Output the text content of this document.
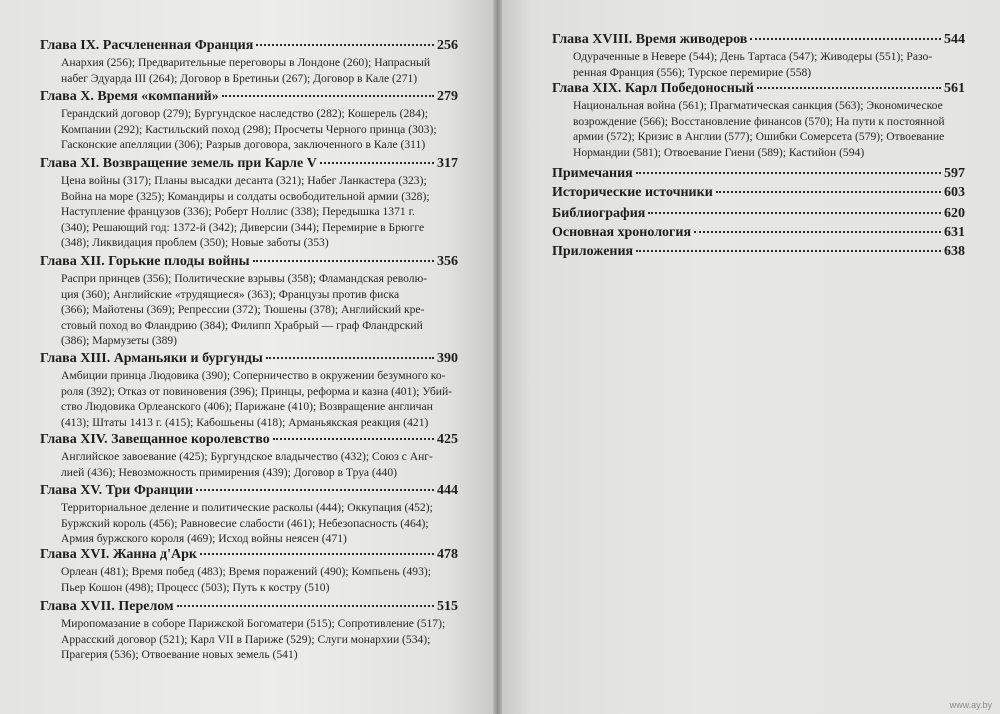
Глава IX. Расчлененная Франция	256
Анархия (256); Предварительные переговоры в Лондоне (260); Напрасный
набег Эдуарда III (264); Договор в Бретиньи (267); Договор в Кале (271)
Глава X. Время «компаний»	279
Герандский договор (279); Бургундское наследство (282); Кошерель (284);
Компании (292); Кастильский поход (298); Просчеты Черного принца (303);
Гасконские апелляции (306); Разрыв договора, заключенного в Кале (311)
Глава XI. Возвращение земель при Карле V	317
Цена войны (317); Планы высадки десанта (321); Набег Ланкастера (323);
Война на море (325); Командиры и солдаты освободительной армии (328);
Наступление французов (336); Роберт Ноллис (338); Передышка 1371 г.
(340); Решающий год: 1372-й (342); Диверсии (344); Перемирие в Брюгге
(348); Ликвидация проблем (350); Новые заботы (353)
Глава XII. Горькие плоды войны	356
Распри принцев (356); Политические взрывы (358); Фламандская револю-
ция (360); Английские «трудящиеся» (363); Французы против фиска
(366); Майотены (369); Репрессии (372); Тюшены (378); Английский кре-
стовый поход во Фландрию (384); Филипп Храбрый — граф Фландрский
(386); Мармузеты (389)
Глава XIII. Арманьяки и бургунды	390
Амбиции принца Людовика (390); Соперничество в окружении безумного ко-
роля (392); Отказ от повиновения (396); Принцы, реформа и казна (401); Убий-
ство Людовика Орлеанского (406); Парижане (410); Возвращение англичан
(413); Штаты 1413 г. (415); Кабошьены (418); Арманьякская реакция (421)
Глава XIV. Завещанное королевство	425
Английское завоевание (425); Бургундское владычество (432); Союз с Анг-
лией (436); Невозможность примирения (439); Договор в Труа (440)
Глава XV. Три Франции	444
Территориальное деление и политические расколы (444); Оккупация (452);
Буржский король (456); Равновесие слабости (461); Небезопасность (464);
Армия буржского короля (469); Исход войны неясен (471)
Глава XVI. Жанна д'Арк	478
Орлеан (481); Время побед (483); Время поражений (490); Компьень (493);
Пьер Кошон (498); Процесс (503); Путь к костру (510)
Глава XVII. Перелом	515
Миропомазание в соборе Парижской Богоматери (515); Сопротивление (517);
Аррасский договор (521); Карл VII в Париже (529); Слуги монархии (534);
Прагерия (536); Отвоевание новых земель (541)
Глава XVIII. Время живодеров	544
Одураченные в Невере (544); День Тартаса (547); Живодеры (551); Разо-
ренная Франция (556); Турское перемирие (558)
Глава XIX. Карл Победоносный	561
Национальная война (561); Прагматическая санкция (563); Экономическое
возрождение (566); Восстановление финансов (570); На пути к постоянной
армии (572); Кризис в Англии (577); Ошибки Сомерсета (579); Отвоевание
Нормандии (581); Отвоевание Гиени (589); Кастийон (594)
Примечания	597
Исторические источники	603
Библиография	620
Основная хронология	631
Приложения	638
www.ay.by
